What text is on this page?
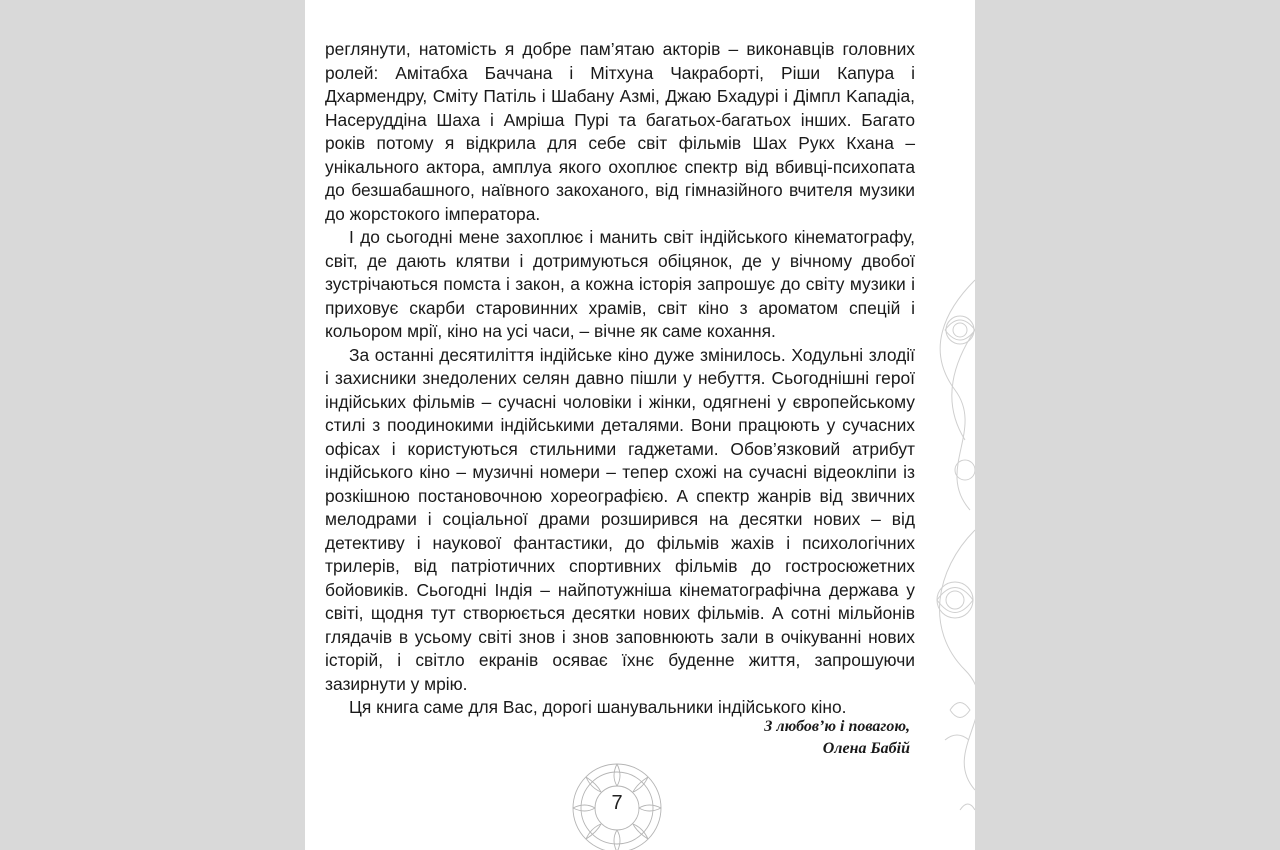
реглянути, натомість я добре пам’ятаю акторів – виконавців головних ролей: Амітабха Баччана і Мітхуна Чакраборті, Ріши Капура і Дхармендру, Сміту Патіль і Шабану Азмі, Джаю Бхадурі і Дімпл Kападіа, Насеруддіна Шаха і Амріша Пурі та багатьох-багатьох інших. Багато років потому я відкрила для себе світ фільмів Шах Рукх Кхана – унікального актора, амплуа якого охоплює спектр від вбивці-психопата до безшабашного, наївного закоханого, від гімназійного вчителя музики до жорстокого імператора.

І до сьогодні мене захоплює і манить світ індійського кінематографу, світ, де дають клятви і дотримуються обіцянок, де у вічному двобої зустрічаються помста і закон, а кожна історія запрошує до світу музики і приховує скарби старовинних храмів, світ кіно з ароматом спецій і кольором мрії, кіно на усі часи, – вічне як саме кохання.

За останні десятиліття індійське кіно дуже змінилось. Ходульні злодії і захисники знедолених селян давно пішли у небуття. Сьогоднішні герої індійських фільмів – сучасні чоловіки і жінки, одягнені у європейському стилі з поодинокими індійськими деталями. Вони працюють у сучасних офісах і користуються стильними гаджетами. Обов’язковий атрибут індійського кіно – музичні номери – тепер схожі на сучасні відеокліпи із розкішною постановочною хореографією. А спектр жанрів від звичних мелодрами і соціальної драми розширився на десятки нових – від детективу і наукової фантастики, до фільмів жахів і психологічних трилерів, від патріотичних спортивних фільмів до гостросюжетних бойовиків. Сьогодні Індія – найпотужніша кінематографічна держава у світі, щодня тут створюється десятки нових фільмів. А сотні мільйонів глядачів в усьому світі знов і знов заповнюють зали в очікуванні нових історій, і світло екранів осяває їхнє буденне життя, запрошуючи зазирнути у мрію.

Ця книга саме для Вас, дорогі шанувальники індійського кіно.

З любов’ю і повагою,
Олена Бабій
7
